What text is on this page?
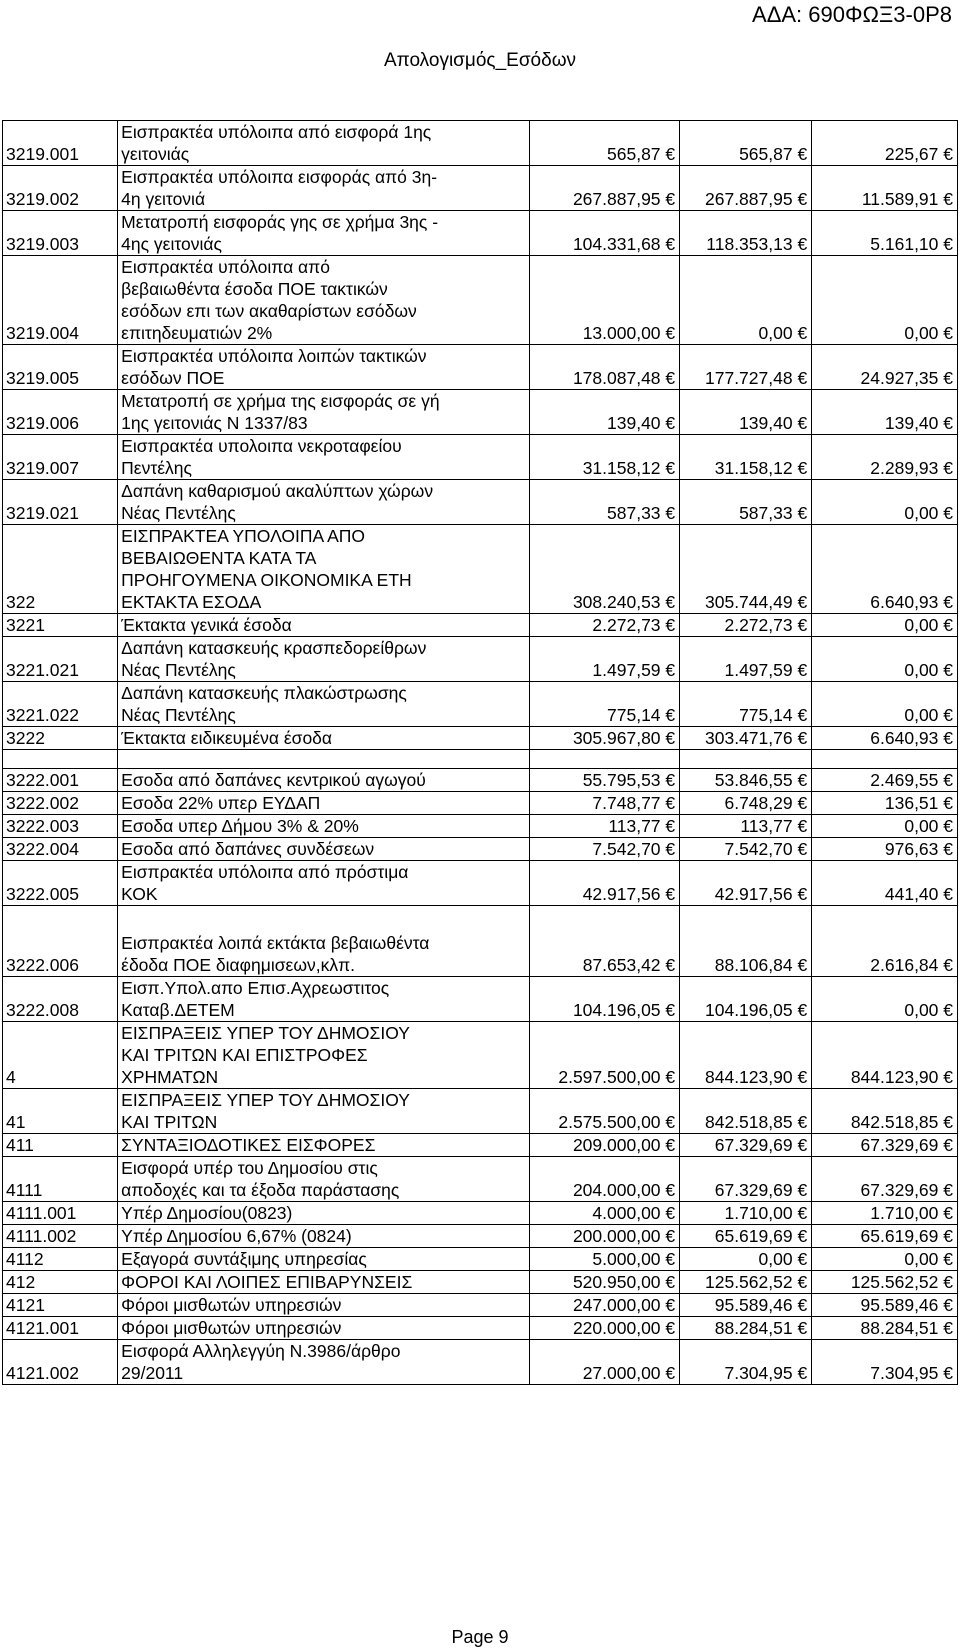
ΑΔΑ: 690ΦΩΞ3-0Ρ8
Απολογισμός_Εσόδων
3219.001	Εισπρακτέα υπόλοιπα από εισφορά 1ης
γειτονιάς	565,87 €	565,87 €	225,67 €
3219.002	Εισπρακτέα υπόλοιπα εισφοράς από 3η-
4η γειτονιά	267.887,95 €	267.887,95 €	11.589,91 €
3219.003	Μετατροπή εισφοράς γης σε χρήμα 3ης -
4ης γειτονιάς	104.331,68 €	118.353,13 €	5.161,10 €
3219.004	Εισπρακτέα υπόλοιπα από
βεβαιωθέντα έσοδα ΠΟΕ τακτικών
εσόδων επι των ακαθαρίστων εσόδων
επιτηδευματιών 2%	13.000,00 €	0,00 €	0,00 €
3219.005	Εισπρακτέα υπόλοιπα λοιπών τακτικών
εσόδων ΠΟΕ	178.087,48 €	177.727,48 €	24.927,35 €
3219.006	Μετατροπή σε χρήμα της εισφοράς σε γή
1ης γειτονιάς Ν 1337/83	139,40 €	139,40 €	139,40 €
3219.007	Εισπρακτέα υπολοιπα νεκροταφείου
Πεντέλης	31.158,12 €	31.158,12 €	2.289,93 €
3219.021	Δαπάνη καθαρισμού ακαλύπτων χώρων
Νέας Πεντέλης	587,33 €	587,33 €	0,00 €
322	ΕΙΣΠΡΑΚΤΕΑ ΥΠΟΛΟΙΠΑ ΑΠΟ
ΒΕΒΑΙΩΘΕΝΤΑ ΚΑΤΑ ΤΑ
ΠΡΟΗΓΟΥΜΕΝΑ ΟΙΚΟΝΟΜΙΚΑ ΕΤΗ
ΕΚΤΑΚΤΑ ΕΣΟΔΑ	308.240,53 €	305.744,49 €	6.640,93 €
3221	Έκτακτα γενικά έσοδα	2.272,73 €	2.272,73 €	0,00 €
3221.021	Δαπάνη κατασκευής κρασπεδορείθρων
Νέας Πεντέλης	1.497,59 €	1.497,59 €	0,00 €
3221.022	Δαπάνη κατασκευής πλακώστρωσης
Νέας Πεντέλης	775,14 €	775,14 €	0,00 €
3222	Έκτακτα ειδικευμένα έσοδα	305.967,80 €	303.471,76 €	6.640,93 €

3222.001	Εσοδα από δαπάνες κεντρικού αγωγού	55.795,53 €	53.846,55 €	2.469,55 €
3222.002	Εσοδα 22% υπερ ΕΥΔΑΠ	7.748,77 €	6.748,29 €	136,51 €
3222.003	Εσοδα υπερ Δήμου 3% & 20%	113,77 €	113,77 €	0,00 €
3222.004	Εσοδα από δαπάνες συνδέσεων	7.542,70 €	7.542,70 €	976,63 €
3222.005	Εισπρακτέα υπόλοιπα από πρόστιμα
ΚΟΚ	42.917,56 €	42.917,56 €	441,40 €
3222.006	Εισπρακτέα λοιπά εκτάκτα βεβαιωθέντα
έδοδα ΠΟΕ διαφημισεων,κλπ.	87.653,42 €	88.106,84 €	2.616,84 €
3222.008	Εισπ.Υπολ.απο Επισ.Αχρεωστιτος
Καταβ.ΔΕΤΕΜ	104.196,05 €	104.196,05 €	0,00 €
4	ΕΙΣΠΡΑΞΕΙΣ ΥΠΕΡ ΤΟΥ ΔΗΜΟΣΙΟΥ
ΚΑΙ ΤΡΙΤΩΝ ΚΑΙ ΕΠΙΣΤΡΟΦΕΣ
ΧΡΗΜΑΤΩΝ	2.597.500,00 €	844.123,90 €	844.123,90 €
41	ΕΙΣΠΡΑΞΕΙΣ ΥΠΕΡ ΤΟΥ ΔΗΜΟΣΙΟΥ
ΚΑΙ ΤΡΙΤΩΝ	2.575.500,00 €	842.518,85 €	842.518,85 €
411	ΣΥΝΤΑΞΙΟΔΟΤΙΚΕΣ ΕΙΣΦΟΡΕΣ	209.000,00 €	67.329,69 €	67.329,69 €
4111	Εισφορά υπέρ του Δημοσίου στις
αποδοχές και τα έξοδα παράστασης	204.000,00 €	67.329,69 €	67.329,69 €
4111.001	Υπέρ Δημοσίου(0823)	4.000,00 €	1.710,00 €	1.710,00 €
4111.002	Υπέρ Δημοσίου 6,67% (0824)	200.000,00 €	65.619,69 €	65.619,69 €
4112	Εξαγορά συντάξιμης υπηρεσίας	5.000,00 €	0,00 €	0,00 €
412	ΦΟΡΟΙ ΚΑΙ ΛΟΙΠΕΣ ΕΠΙΒΑΡΥΝΣΕΙΣ	520.950,00 €	125.562,52 €	125.562,52 €
4121	Φόροι μισθωτών υπηρεσιών	247.000,00 €	95.589,46 €	95.589,46 €
4121.001	Φόροι μισθωτών υπηρεσιών	220.000,00 €	88.284,51 €	88.284,51 €
4121.002	Εισφορά Αλληλεγγύη Ν.3986/άρθρο
29/2011	27.000,00 €	7.304,95 €	7.304,95 €
Page 9
